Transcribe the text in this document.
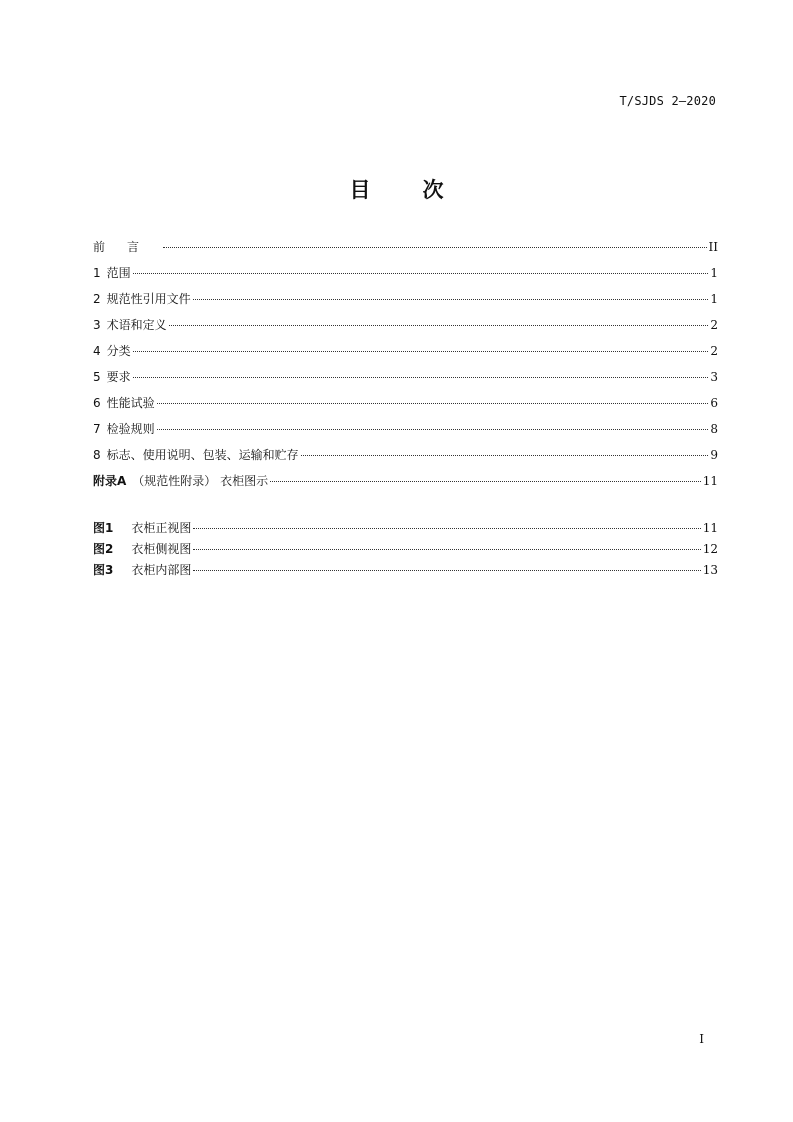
T/SJDS 2—2020
目 次
前言	II
1 范围	1
2 规范性引用文件	1
3 术语和定义	2
4 分类	2
5 要求	3
6 性能试验	6
7 检验规则	8
8 标志、使用说明、包装、运输和贮存	9
附录A （规范性附录） 衣柜图示	11
图1 衣柜正视图	11
图2 衣柜侧视图	12
图3 衣柜内部图	13
I
